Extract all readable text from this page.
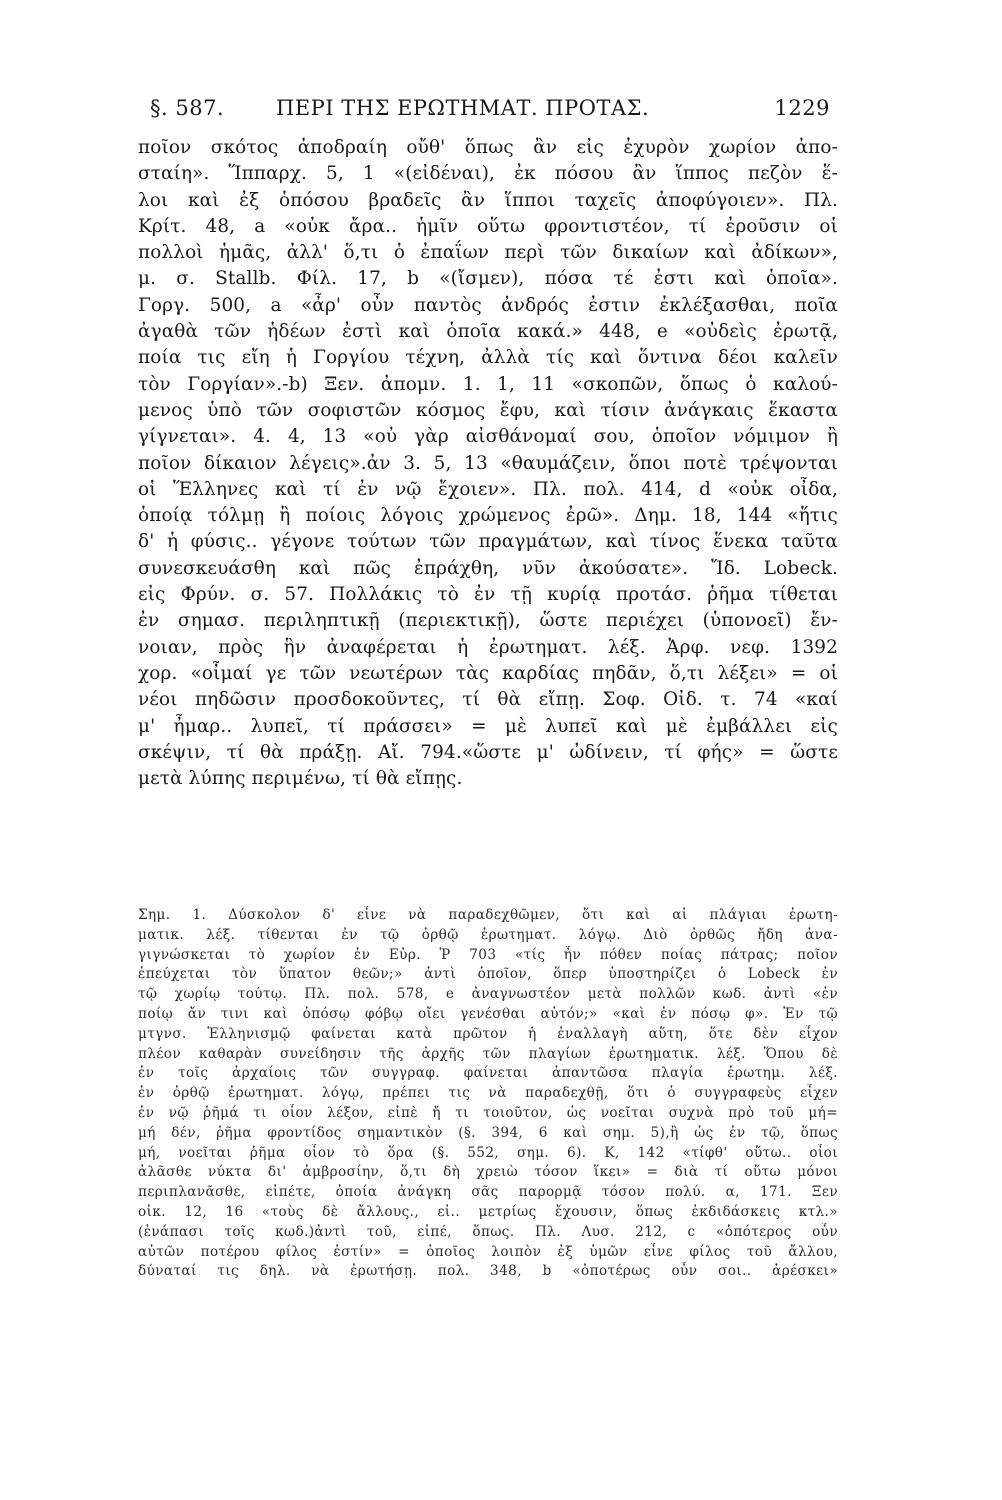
§. 587. ΠΕΡΙ ΤΗΣ ΕΡΩΤΗΜΑΤ. ΠΡΟΤΑΣ.	1229
ποῖον σκότος ἀποδραίη οὔθ' ὅπως ἂν εἰς ἐχυρὸν χωρίον ἀπο-
σταίη». Ἵππαρχ. 5, 1 «(εἰδέναι), ἐκ πόσου ἂν ἵππος πεζὸν ἕ-
λοι καὶ ἐξ ὁπόσου βραδεῖς ἂν ἵπποι ταχεῖς ἀποφύγοιεν». Πλ.
Κρίτ. 48, a «οὐκ ἄρα.. ἡμῖν οὕτω φροντιστέον, τί ἐροῦσιν οἱ
πολλοὶ ἡμᾶς, ἀλλ' ὅ,τι ὁ ἐπαΐων περὶ τῶν δικαίων καὶ ἀδίκων»,
μ. σ. Stallb. Φίλ. 17, b «(ἴσμεν), πόσα τέ ἐστι καὶ ὁποῖα».
Γοργ. 500, a «ἆρ' οὖν παντὸς ἀνδρός ἐστιν ἐκλέξασθαι, ποῖα
ἀγαθὰ τῶν ἡδέων ἐστὶ καὶ ὁποῖα κακά.» 448, e «οὐδεὶς ἐρωτᾷ,
ποία τις εἴη ἡ Γοργίου τέχνη, ἀλλὰ τίς καὶ ὅντινα δέοι καλεῖν
τὸν Γοργίαν».-b) Ξεν. ἀπομν. 1. 1, 11 «σκοπῶν, ὅπως ὁ καλού-
μενος ὑπὸ τῶν σοφιστῶν κόσμος ἔφυ, καὶ τίσιν ἀνάγκαις ἕκαστα
γίγνεται». 4. 4, 13 «οὐ γὰρ αἰσθάνομαί σου, ὁποῖον νόμιμον ἢ
ποῖον δίκαιον λέγεις».ἀν 3. 5, 13 «θαυμάζειν, ὅποι ποτὲ τρέψονται
οἱ Ἕλληνες καὶ τί ἐν νῷ ἔχοιεν». Πλ. πολ. 414, d «οὐκ οἶδα,
ὁποίᾳ τόλμῃ ἢ ποίοις λόγοις χρώμενος ἐρῶ». Δημ. 18, 144 «ἥτις
δ' ἡ φύσις.. γέγονε τούτων τῶν πραγμάτων, καὶ τίνος ἕνεκα ταῦτα
συνεσκευάσθη καὶ πῶς ἐπράχθη, νῦν ἀκούσατε». Ἴδ. Lobeck.
εἰς Φρύν. σ. 57. Πολλάκις τὸ ἐν τῇ κυρίᾳ προτάσ. ῥῆμα τίθεται
ἐν σημασ. περιληπτικῇ (περιεκτικῇ), ὥστε περιέχει (ὑπονοεῖ) ἔν-
νοιαν, πρὸς ἣν ἀναφέρεται ἡ ἐρωτηματ. λέξ. Ἀρφ. νεφ. 1392
χορ. «οἶμαί γε τῶν νεωτέρων τὰς καρδίας πηδᾶν, ὅ,τι λέξει» = οἱ
νέοι πηδῶσιν προσδοκοῦντες, τί θὰ εἴπῃ. Σοφ. Οἰδ. τ. 74 «καί
μ' ἦμαρ.. λυπεῖ, τί πράσσει» = μὲ λυπεῖ καὶ μὲ ἐμβάλλει εἰς
σκέψιν, τί θὰ πράξῃ. Αἴ. 794.«ὥστε μ' ὠδίνειν, τί φής» = ὥστε
μετὰ λύπης περιμένω, τί θὰ εἴπῃς.
Σημ. 1. Δύσκολον δ' εἶνε νὰ παραδεχθῶμεν, ὅτι καὶ αἱ πλάγιαι ἐρωτη-
ματικ. λέξ. τίθενται ἐν τῷ ὀρθῷ ἐρωτηματ. λόγῳ. Διὸ ὀρθῶς ἤδη ἀνα-
γιγνώσκεται τὸ χωρίον ἐν Εὐρ. Ῥ 703 «τίς ἦν πόθεν ποίας πάτρας; ποῖον
ἐπεύχεται τὸν ὕπατον θεῶν;» ἀντὶ ὁποῖον, ὅπερ ὑποστηρίζει ὁ Lobeck ἐν
τῷ χωρίῳ τούτῳ. Πλ. πολ. 578, e ἀναγνωστέον μετὰ πολλῶν κωδ. ἀντὶ «ἐν
ποίῳ ἄν τινι καὶ ὁπόσῳ φόβῳ οἴει γενέσθαι αὐτόν;» «καὶ ἐν πόσῳ φ». Ἐν τῷ
μτγνσ. Ἑλληνισμῷ φαίνεται κατὰ πρῶτον ἡ ἐναλλαγὴ αὕτη, ὅτε δὲν εἶχον
πλέον καθαρὰν συνείδησιν τῆς ἀρχῆς τῶν πλαγίων ἐρωτηματικ. λέξ. Ὅπου δὲ
ἐν τοῖς ἀρχαίοις τῶν συγγραφ. φαίνεται ἀπαντῶσα πλαγία ἐρωτημ. λέξ.
ἐν ὀρθῷ ἐρωτηματ. λόγῳ, πρέπει τις νὰ παραδεχθῇ, ὅτι ὁ συγγραφεὺς εἶχεν
ἐν νῷ ῥῆμά τι οἷον λέξον, εἰπὲ ἤ τι τοιοῦτον, ὡς νοεῖται συχνὰ πρὸ τοῦ μή=
μή δέν, ῥῆμα φροντίδος σημαντικὸν (§. 394, 6 καὶ σημ. 5),ἢ ὡς ἐν τῷ, ὅπως
μή, νοεῖται ῥῆμα οἷον τὸ ὅρα (§. 552, σημ. 6). Κ, 142 «τίφθ' οὕτω.. οἶοι
ἀλᾶσθε νύκτα δι' ἀμβροσίην, ὅ,τι δὴ χρειὼ τόσον ἵκει» = διὰ τί οὕτω μόνοι
περιπλανᾶσθε, εἰπέτε, ὁποία ἀνάγκη σᾶς παρορμᾷ τόσον πολύ. α, 171. Ξεν
οἰκ. 12, 16 «τοὺς δὲ ἄλλους., εἰ.. μετρίως ἔχουσιν, ὅπως ἐκδιδάσκεις κτλ.»
(ἐνάπασι τοῖς κωδ.)ἀντὶ τοῦ, εἰπέ, ὅπως. Πλ. Λυσ. 212, c «ὁπότερος οὖν
αὐτῶν ποτέρου φίλος ἐστίν» = ὁποῖος λοιπὸν ἐξ ὑμῶν εἶνε φίλος τοῦ ἄλλου,
δύναταί τις δηλ. νὰ ἐρωτήσῃ. πολ. 348, b «ὁποτέρως οὖν σοι.. ἀρέσκει»
